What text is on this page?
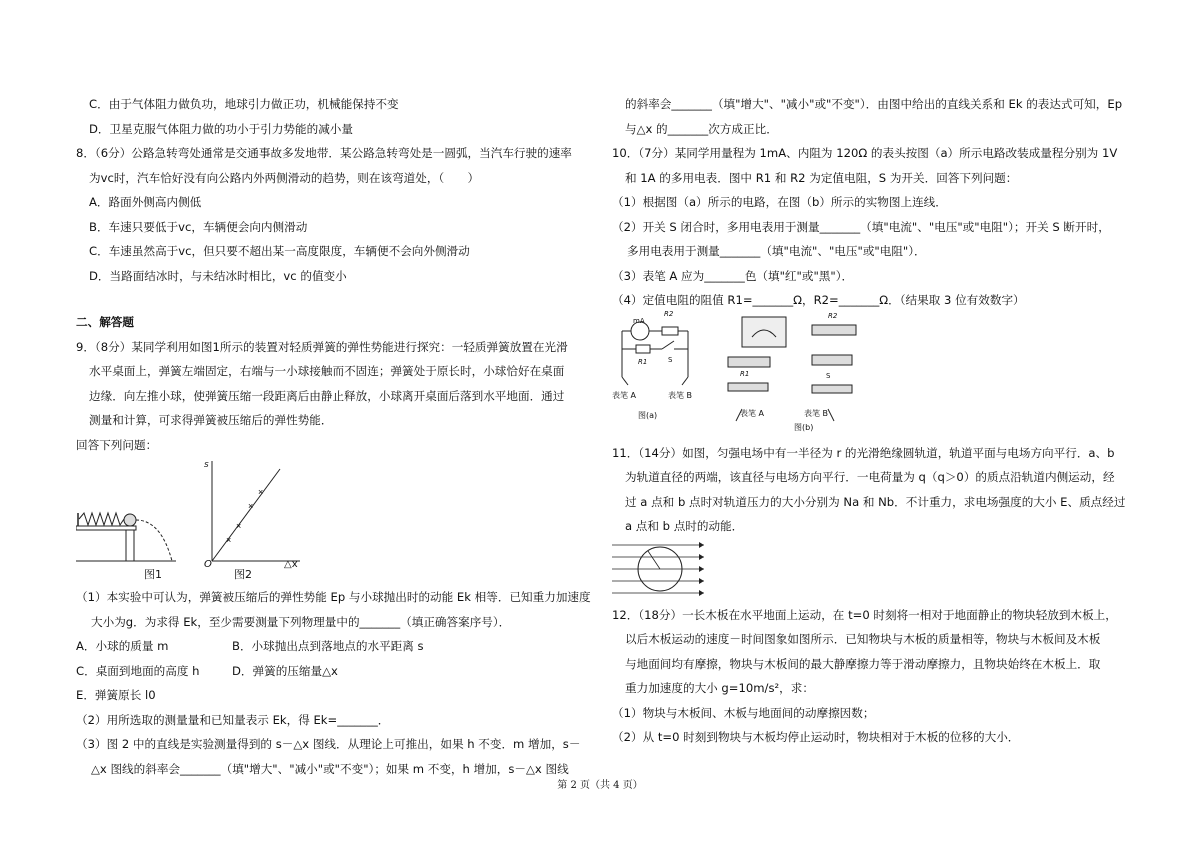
C．由于气体阻力做负功，地球引力做正功，机械能保持不变
D．卫星克服气体阻力做的功小于引力势能的减小量
8．（6分）公路急转弯处通常是交通事故多发地带．某公路急转弯处是一圆弧，当汽车行驶的速率
为vc时，汽车恰好没有向公路内外两侧滑动的趋势，则在该弯道处，（　　）
A．路面外侧高内侧低
B．车速只要低于vc，车辆便会向内侧滑动
C．车速虽然高于vc，但只要不超出某一高度限度，车辆便不会向外侧滑动
D．当路面结冰时，与未结冰时相比，vc 的值变小
二、解答题
9．（8分）某同学利用如图1所示的装置对轻质弹簧的弹性势能进行探究：一轻质弹簧放置在光滑
水平桌面上，弹簧左端固定，右端与一小球接触而不固连；弹簧处于原长时，小球恰好在桌面
边缘．向左推小球，使弹簧压缩一段距离后由静止释放，小球离开桌面后落到水平地面．通过
测量和计算，可求得弹簧被压缩后的弹性势能．
回答下列问题：
×
×
×
×
s
△x
O
图1	图2
（1）本实验中可认为，弹簧被压缩后的弹性势能 Ep 与小球抛出时的动能 Ek 相等．已知重力加速度
大小为g．为求得 Ek，至少需要测量下列物理量中的_______（填正确答案序号）．
A．小球的质量 m	B．小球抛出点到落地点的水平距离 s
C．桌面到地面的高度 h	D．弹簧的压缩量△x
E．弹簧原长 l0
（2）用所选取的测量量和已知量表示 Ek，得 Ek=_______．
（3）图 2 中的直线是实验测量得到的 s－△x 图线．从理论上可推出，如果 h 不变．m 增加，s－
△x 图线的斜率会_______（填"增大"、"减小"或"不变"）；如果 m 不变，h 增加，s－△x 图线
的斜率会_______（填"增大"、"减小"或"不变"）．由图中给出的直线关系和 Ek 的表达式可知，Ep
与△x 的_______次方成正比．
10．（7分）某同学用量程为 1mA、内阻为 120Ω 的表头按图（a）所示电路改装成量程分别为 1V
和 1A 的多用电表．图中 R1 和 R2 为定值电阻，S 为开关．回答下列问题：
（1）根据图（a）所示的电路，在图（b）所示的实物图上连线．
（2）开关 S 闭合时，多用电表用于测量_______（填"电流"、"电压"或"电阻"）；开关 S 断开时，
多用电表用于测量_______（填"电流"、"电压"或"电阻"）．
（3）表笔 A 应为_______色（填"红"或"黑"）．
（4）定值电阻的阻值 R1=_______Ω，R2=_______Ω．（结果取 3 位有效数字）
mA
R2
R1	S
表笔 A	表笔 B
图(a)
R2
R1	S
表笔 A	表笔 B
图(b)
11．（14分）如图，匀强电场中有一半径为 r 的光滑绝缘圆轨道，轨道平面与电场方向平行．a、b
为轨道直径的两端，该直径与电场方向平行．一电荷量为 q（q＞0）的质点沿轨道内侧运动，经
过 a 点和 b 点时对轨道压力的大小分别为 Na 和 Nb．不计重力，求电场强度的大小 E、质点经过
a 点和 b 点时的动能．
12．（18分）一长木板在水平地面上运动，在 t=0 时刻将一相对于地面静止的物块轻放到木板上，
以后木板运动的速度－时间图象如图所示．已知物块与木板的质量相等，物块与木板间及木板
与地面间均有摩擦，物块与木板间的最大静摩擦力等于滑动摩擦力，且物块始终在木板上．取
重力加速度的大小 g=10m/s²，求：
（1）物块与木板间、木板与地面间的动摩擦因数；
（2）从 t=0 时刻到物块与木板均停止运动时，物块相对于木板的位移的大小．
第 2 页（共 4 页）
